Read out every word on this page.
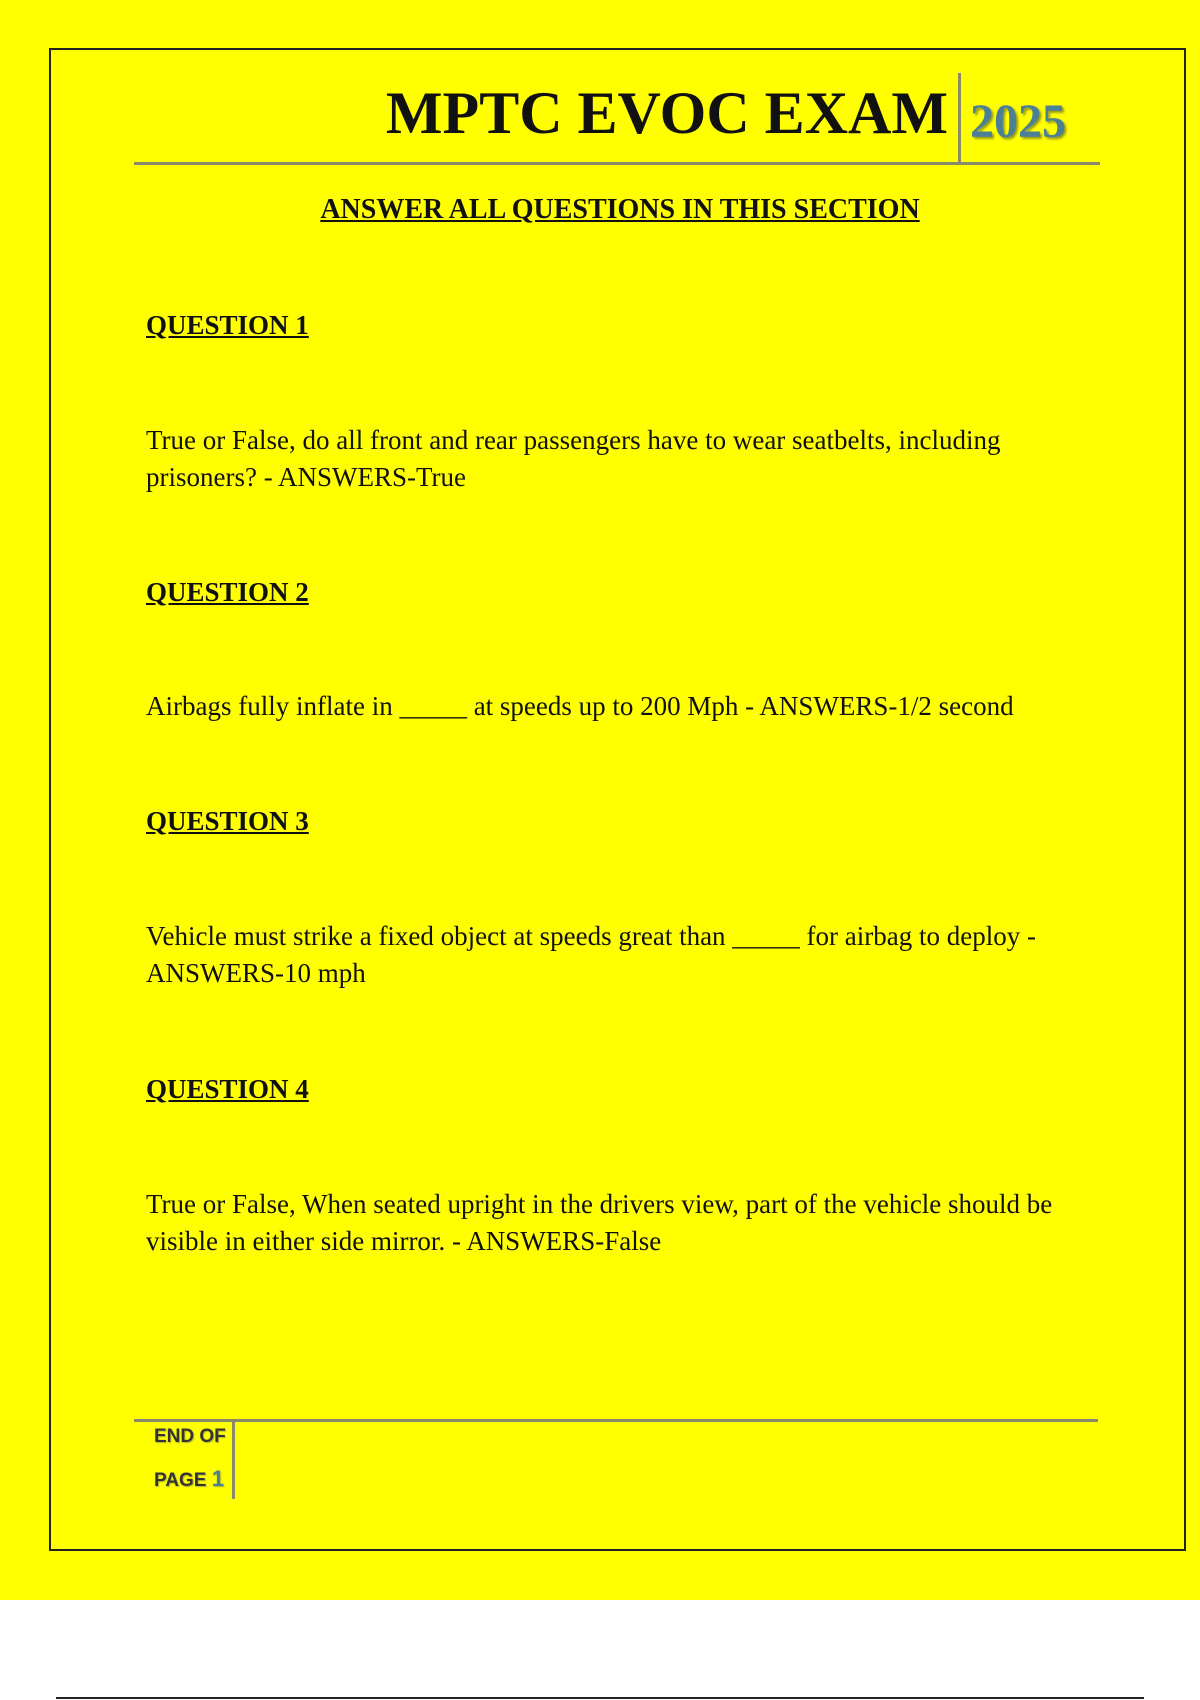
MPTC EVOC EXAM 2025
ANSWER ALL QUESTIONS IN THIS SECTION
QUESTION 1
True or False, do all front and rear passengers have to wear seatbelts, including prisoners? - ANSWERS-True
QUESTION 2
Airbags fully inflate in _____ at speeds up to 200 Mph - ANSWERS-1/2 second
QUESTION 3
Vehicle must strike a fixed object at speeds great than _____ for airbag to deploy - ANSWERS-10 mph
QUESTION 4
True or False, When seated upright in the drivers view, part of the vehicle should be visible in either side mirror. - ANSWERS-False
END OF
PAGE 1
